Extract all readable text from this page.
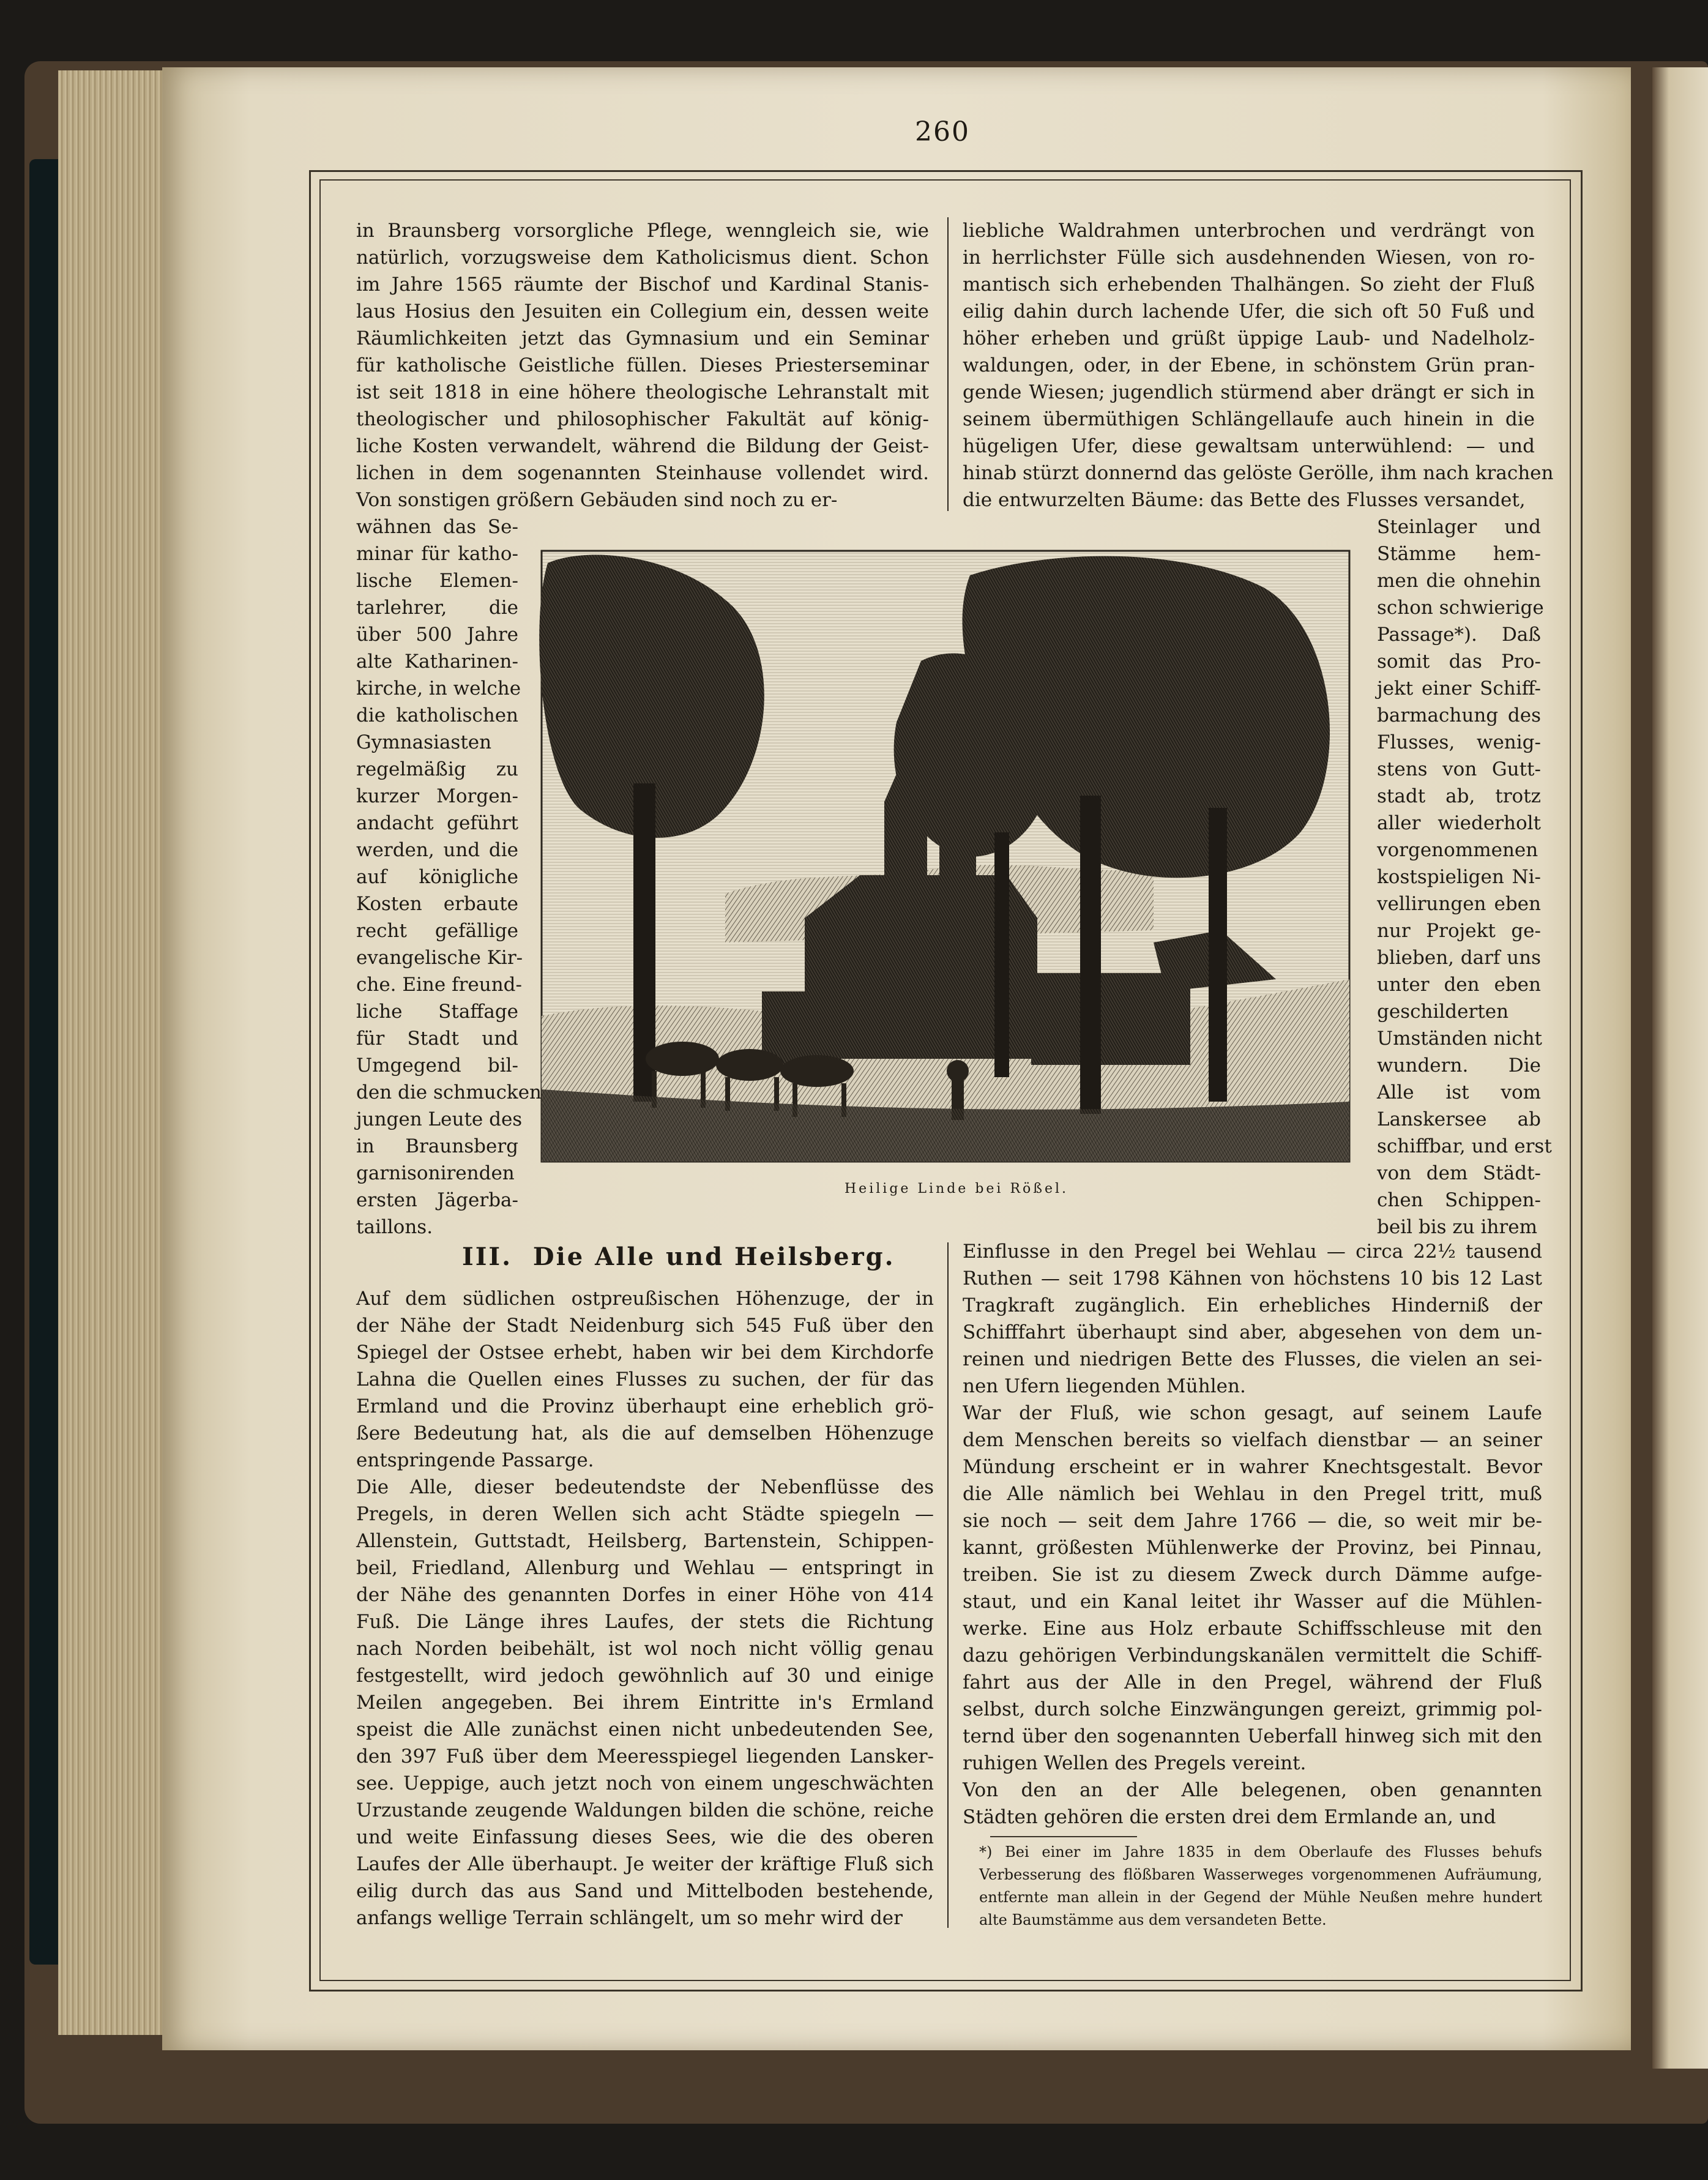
260
in Braunsberg vorsorgliche Pflege, wenngleich sie, wie
natürlich, vorzugsweise dem Katholicismus dient. Schon
im Jahre 1565 räumte der Bischof und Kardinal Stanis-
laus Hosius den Jesuiten ein Collegium ein, dessen weite
Räumlichkeiten jetzt das Gymnasium und ein Seminar
für katholische Geistliche füllen. Dieses Priesterseminar
ist seit 1818 in eine höhere theologische Lehranstalt mit
theologischer und philosophischer Fakultät auf könig-
liche Kosten verwandelt, während die Bildung der Geist-
lichen in dem sogenannten Steinhause vollendet wird.
Von sonstigen größern Gebäuden sind noch zu er-
wähnen das Se-
minar für katho-
lische Elemen-
tarlehrer, die
über 500 Jahre
alte Katharinen-
kirche, in welche
die katholischen
Gymnasiasten
regelmäßig zu
kurzer Morgen-
andacht geführt
werden, und die
auf königliche
Kosten erbaute
recht gefällige
evangelische Kir-
che. Eine freund-
liche Staffage
für Stadt und
Umgegend bil-
den die schmucken
jungen Leute des
in Braunsberg
garnisonirenden
ersten Jägerba-
taillons.
Auf dem südlichen ostpreußischen Höhenzuge, der in
der Nähe der Stadt Neidenburg sich 545 Fuß über den
Spiegel der Ostsee erhebt, haben wir bei dem Kirchdorfe
Lahna die Quellen eines Flusses zu suchen, der für das
Ermland und die Provinz überhaupt eine erheblich grö-
ßere Bedeutung hat, als die auf demselben Höhenzuge
entspringende Passarge.
Die Alle, dieser bedeutendste der Nebenflüsse des
Pregels, in deren Wellen sich acht Städte spiegeln —
Allenstein, Guttstadt, Heilsberg, Bartenstein, Schippen-
beil, Friedland, Allenburg und Wehlau — entspringt in
der Nähe des genannten Dorfes in einer Höhe von 414
Fuß. Die Länge ihres Laufes, der stets die Richtung
nach Norden beibehält, ist wol noch nicht völlig genau
festgestellt, wird jedoch gewöhnlich auf 30 und einige
Meilen angegeben. Bei ihrem Eintritte in's Ermland
speist die Alle zunächst einen nicht unbedeutenden See,
den 397 Fuß über dem Meeresspiegel liegenden Lansker-
see. Ueppige, auch jetzt noch von einem ungeschwächten
Urzustande zeugende Waldungen bilden die schöne, reiche
und weite Einfassung dieses Sees, wie die des oberen
Laufes der Alle überhaupt. Je weiter der kräftige Fluß sich
eilig durch das aus Sand und Mittelboden bestehende,
anfangs wellige Terrain schlängelt, um so mehr wird der
liebliche Waldrahmen unterbrochen und verdrängt von
in herrlichster Fülle sich ausdehnenden Wiesen, von ro-
mantisch sich erhebenden Thalhängen. So zieht der Fluß
eilig dahin durch lachende Ufer, die sich oft 50 Fuß und
höher erheben und grüßt üppige Laub- und Nadelholz-
waldungen, oder, in der Ebene, in schönstem Grün pran-
gende Wiesen; jugendlich stürmend aber drängt er sich in
seinem übermüthigen Schlängellaufe auch hinein in die
hügeligen Ufer, diese gewaltsam unterwühlend: — und
hinab stürzt donnernd das gelöste Gerölle, ihm nach krachen
die entwurzelten Bäume: das Bette des Flusses versandet,
Steinlager und
Stämme hem-
men die ohnehin
schon schwierige
Passage*). Daß
somit das Pro-
jekt einer Schiff-
barmachung des
Flusses, wenig-
stens von Gutt-
stadt ab, trotz
aller wiederholt
vorgenommenen
kostspieligen Ni-
vellirungen eben
nur Projekt ge-
blieben, darf uns
unter den eben
geschilderten
Umständen nicht
wundern. Die
Alle ist vom
Lanskersee ab
schiffbar, und erst
von dem Städt-
chen Schippen-
beil bis zu ihrem
Einflusse in den Pregel bei Wehlau — circa 22½ tausend
Ruthen — seit 1798 Kähnen von höchstens 10 bis 12 Last
Tragkraft zugänglich. Ein erhebliches Hinderniß der
Schifffahrt überhaupt sind aber, abgesehen von dem un-
reinen und niedrigen Bette des Flusses, die vielen an sei-
nen Ufern liegenden Mühlen.
War der Fluß, wie schon gesagt, auf seinem Laufe
dem Menschen bereits so vielfach dienstbar — an seiner
Mündung erscheint er in wahrer Knechtsgestalt. Bevor
die Alle nämlich bei Wehlau in den Pregel tritt, muß
sie noch — seit dem Jahre 1766 — die, so weit mir be-
kannt, größesten Mühlenwerke der Provinz, bei Pinnau,
treiben. Sie ist zu diesem Zweck durch Dämme aufge-
staut, und ein Kanal leitet ihr Wasser auf die Mühlen-
werke. Eine aus Holz erbaute Schiffsschleuse mit den
dazu gehörigen Verbindungskanälen vermittelt die Schiff-
fahrt aus der Alle in den Pregel, während der Fluß
selbst, durch solche Einzwängungen gereizt, grimmig pol-
ternd über den sogenannten Ueberfall hinweg sich mit den
ruhigen Wellen des Pregels vereint.
Von den an der Alle belegenen, oben genannten
Städten gehören die ersten drei dem Ermlande an, und
*) Bei einer im Jahre 1835 in dem Oberlaufe des Flusses behufs
Verbesserung des flößbaren Wasserweges vorgenommenen Aufräumung,
entfernte man allein in der Gegend der Mühle Neußen mehre hundert
alte Baumstämme aus dem versandeten Bette.
III. Die Alle und Heilsberg.
Heilige Linde bei Rößel.
